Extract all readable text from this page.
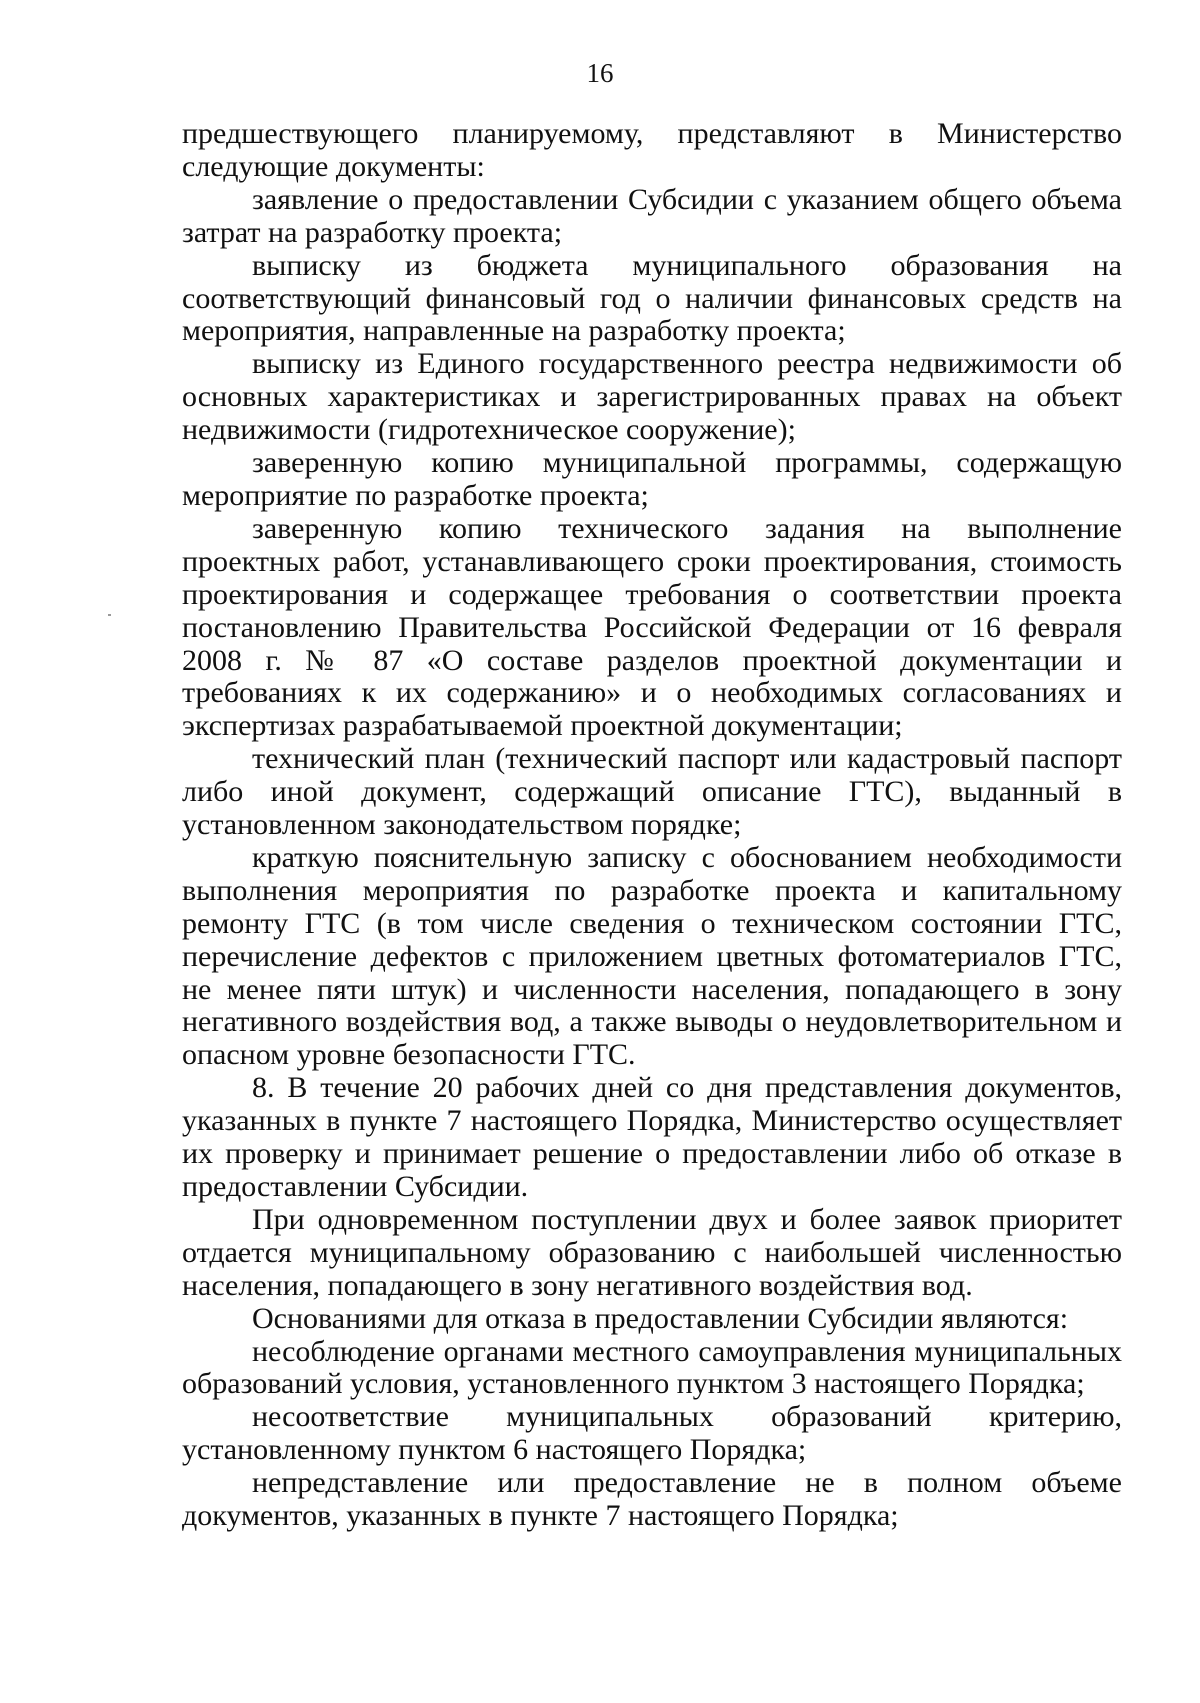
16

предшествующего планируемому, представляют в Министерство следующие документы:

заявление о предоставлении Субсидии с указанием общего объема затрат на разработку проекта;

выписку из бюджета муниципального образования на соответствующий финансовый год о наличии финансовых средств на мероприятия, направленные на разработку проекта;

выписку из Единого государственного реестра недвижимости об основных характеристиках и зарегистрированных правах на объект недвижимости (гидротехническое сооружение);

заверенную копию муниципальной программы, содержащую мероприятие по разработке проекта;

заверенную копию технического задания на выполнение проектных работ, устанавливающего сроки проектирования, стоимость проектирования и содержащее требования о соответствии проекта постановлению Правительства Российской Федерации от 16 февраля 2008 г. № 87 «О составе разделов проектной документации и требованиях к их содержанию» и о необходимых согласованиях и экспертизах разрабатываемой проектной документации;

технический план (технический паспорт или кадастровый паспорт либо иной документ, содержащий описание ГТС), выданный в установленном законодательством порядке;

краткую пояснительную записку с обоснованием необходимости выполнения мероприятия по разработке проекта и капитальному ремонту ГТС (в том числе сведения о техническом состоянии ГТС, перечисление дефектов с приложением цветных фотоматериалов ГТС, не менее пяти штук) и численности населения, попадающего в зону негативного воздействия вод, а также выводы о неудовлетворительном и опасном уровне безопасности ГТС.

8. В течение 20 рабочих дней со дня представления документов, указанных в пункте 7 настоящего Порядка, Министерство осуществляет их проверку и принимает решение о предоставлении либо об отказе в предоставлении Субсидии.

При одновременном поступлении двух и более заявок приоритет отдается муниципальному образованию с наибольшей численностью населения, попадающего в зону негативного воздействия вод.

Основаниями для отказа в предоставлении Субсидии являются:

несоблюдение органами местного самоуправления муниципальных образований условия, установленного пунктом 3 настоящего Порядка;

несоответствие муниципальных образований критерию, установленному пунктом 6 настоящего Порядка;

непредставление или предоставление не в полном объеме документов, указанных в пункте 7 настоящего Порядка;
